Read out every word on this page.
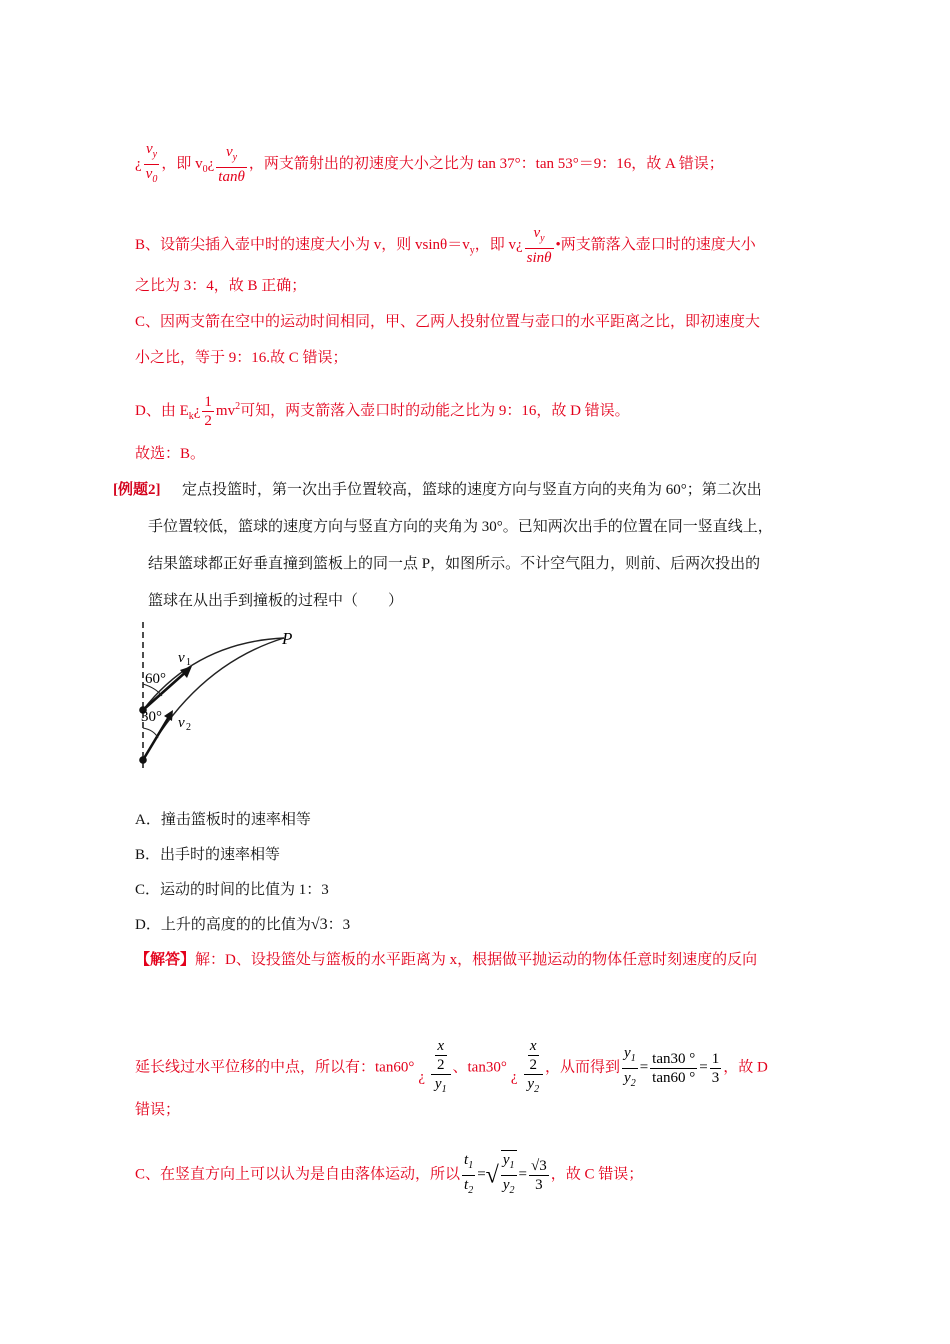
¿ $\frac{v_y}{v_0}$ ，即 $v_0¿ \frac{v_y}{\tan\theta}$ ，两支箭射出的初速度大小之比为 tan 37°：tan 53°＝9：16，故 A 错误；
B、设箭尖插入壶中时的速度大小为 v，则 $vsin\theta=v_y$，即 v¿ $\frac{v_y}{\sin\theta}$ •两支箭落入壶口时的速度大小
之比为 3：4，故 B 正确；
C、因两支箭在空中的运动时间相同，甲、乙两人投射位置与壶口的水平距离之比，即初速度大
小之比，等于 9：16.故 C 错误；
D、由 $E_k¿ \frac{1}{2} mv^2$可知，两支箭落入壶口时的动能之比为 9：16，故 D 错误。
故选：B。
[例题2] 定点投篮时，第一次出手位置较高，篮球的速度方向与竖直方向的夹角为 60°；第二次出
手位置较低，篮球的速度方向与竖直方向的夹角为 30°。已知两次出手的位置在同一竖直线上，
结果篮球都正好垂直撞到篮板上的同一点 P，如图所示。不计空气阻力，则前、后两次投出的
篮球在从出手到撞板的过程中（　　）
P
v 1
v 2
60°
30°
A．撞击篮板时的速率相等
B．出手时的速率相等
C．运动的时间的比值为 1：3
D．上升的高度的的比值为√3：3
【解答】解：D、设投篮处与篮板的水平距离为 x，根据做平抛运动的物体任意时刻速度的反向
延长线过水平位移的中点，所以有：tan60°
¿ $\frac{\frac{x}{2}}{y_1}$ 、tan30°
¿ $\frac{\frac{x}{2}}{y_2}$ ，从而得到 $\frac{y_1}{y_2} = \frac{\tan 30 ^\circ}{\tan 60 ^\circ} = \frac{1}{3}$ ，故 D
错误；
C、在竖直方向上可以认为是自由落体运动，所以 $\frac{t_1}{t_2}$ =√ $\frac{y_1}{y_2} = \frac{√3}{3}$ ，故 C 错误；
